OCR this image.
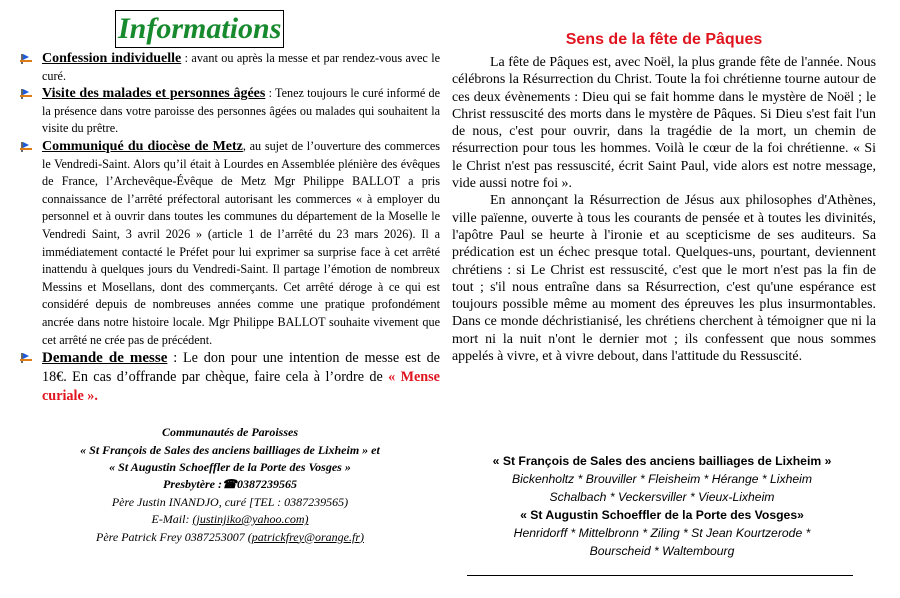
Informations
Confession individuelle : avant ou après la messe et par rendez-vous avec le curé.
Visite des malades et personnes âgées : Tenez toujours le curé informé de la présence dans votre paroisse des personnes âgées ou malades qui souhaitent la visite du prêtre.
Communiqué du diocèse de Metz, au sujet de l’ouverture des commerces le Vendredi-Saint. Alors qu’il était à Lourdes en Assemblée plénière des évêques de France, l’Archevêque-Évêque de Metz Mgr Philippe BALLOT a pris connaissance de l’arrêté préfectoral autorisant les commerces « à employer du personnel et à ouvrir dans toutes les communes du département de la Moselle le Vendredi Saint, 3 avril 2026 » (article 1 de l’arrêté du 23 mars 2026). Il a immédiatement contacté le Préfet pour lui exprimer sa surprise face à cet arrêté inattendu à quelques jours du Vendredi-Saint. Il partage l’émotion de nombreux Messins et Mosellans, dont des commerçants. Cet arrêté déroge à ce qui est considéré depuis de nombreuses années comme une pratique profondément ancrée dans notre histoire locale. Mgr Philippe BALLOT souhaite vivement que cet arrêté ne crée pas de précédent.
Demande de messe : Le don pour une intention de messe est de 18€. En cas d’offrande par chèque, faire cela à l’ordre de « Mense curiale ».
Communautés de Paroisses
« St François de Sales des anciens bailliages de Lixheim » et
« St Augustin Schoeffler de la Porte des Vosges »
Presbytère :☎0387239565
Père Justin INANDJO, curé [TEL : 0387239565)
E-Mail: (justinjiko@yahoo.com)
Père Patrick Frey 0387253007 (patrickfrey@orange.fr)
Sens de la fête de Pâques

La fête de Pâques est, avec Noël, la plus grande fête de l'année. Nous célébrons la Résurrection du Christ. Toute la foi chrétienne tourne autour de ces deux évènements : Dieu qui se fait homme dans le mystère de Noël ; le Christ ressuscité des morts dans le mystère de Pâques. Si Dieu s'est fait l'un de nous, c'est pour ouvrir, dans la tragédie de la mort, un chemin de résurrection pour tous les hommes. Voilà le cœur de la foi chrétienne. « Si le Christ n'est pas ressuscité, écrit Saint Paul, vide alors est notre message, vide aussi notre foi ».

En annonçant la Résurrection de Jésus aux philosophes d'Athènes, ville païenne, ouverte à tous les courants de pensée et à toutes les divinités, l'apôtre Paul se heurte à l'ironie et au scepticisme de ses auditeurs. Sa prédication est un échec presque total. Quelques-uns, pourtant, deviennent chrétiens : si Le Christ est ressuscité, c'est que le mort n'est pas la fin de tout ; s'il nous entraîne dans sa Résurrection, c'est qu'une espérance est toujours possible même au moment des épreuves les plus insurmontables. Dans ce monde déchristianisé, les chrétiens cherchent à témoigner que ni la mort ni la nuit n'ont le dernier mot ; ils confessent que nous sommes appelés à vivre, et à vivre debout, dans l'attitude du Ressuscité.

« St François de Sales des anciens bailliages de Lixheim »
Bickenholtz * Brouviller * Fleisheim * Hérange * Lixheim
Schalbach * Veckersviller * Vieux-Lixheim
« St Augustin Schoeffler de la Porte des Vosges»
Henridorff * Mittelbronn * Ziling * St Jean Kourtzerode *
Bourscheid * Waltembourg
